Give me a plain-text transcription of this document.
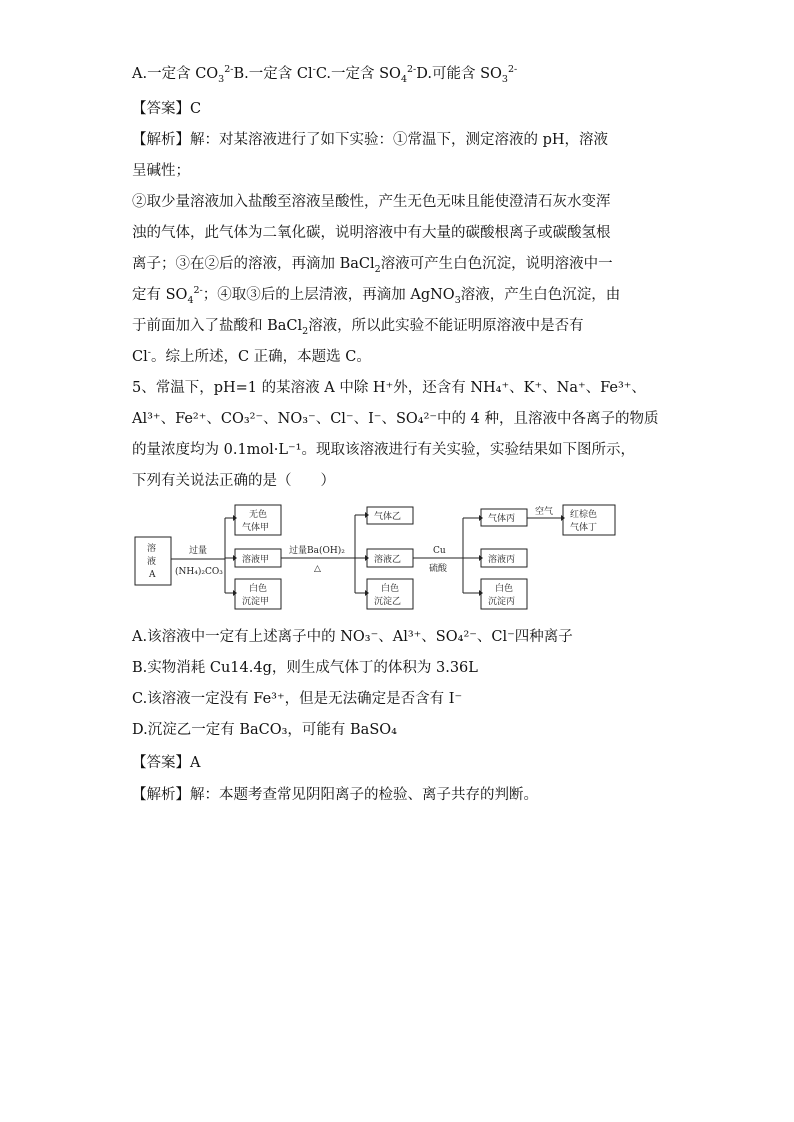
A.一定含 $CO_3^{2-}B$.一定含 Cl-C.一定含 $SO_4^{2-}D$.可能含 $SO_3^{2-}$
【答案】C
【解析】解：对某溶液进行了如下实验：①常温下，测定溶液的 pH，溶液
呈碱性；
②取少量溶液加入盐酸至溶液呈酸性，产生无色无味且能使澄清石灰水变浑
浊的气体，此气体为二氧化碳，说明溶液中有大量的碳酸根离子或碳酸氢根
离子；③在②后的溶液，再滴加 BaCl$_2$溶液可产生白色沉淀，说明溶液中一
定有 $SO_4^{2-}$；④取③后的上层清液，再滴加 AgNO$_3$溶液，产生白色沉淀，由
于前面加入了盐酸和 BaCl$_2$溶液，所以此实验不能证明原溶液中是否有
Cl-。综上所述，C 正确，本题选 C。
5、常温下，pH=1 的某溶液 A 中除 H⁺外，还含有 NH₄⁺、K⁺、Na⁺、Fe³⁺、
Al³⁺、Fe²⁺、CO₃²⁻、NO₃⁻、Cl⁻、I⁻、SO₄²⁻中的 4 种，且溶液中各离子的物质
的量浓度均为 0.1mol·L⁻¹。现取该溶液进行有关实验，实验结果如下图所示，
下列有关说法正确的是（　　）
溶
液
A
过量
(NH₄)₂CO₃
无色
气体甲
溶液甲
白色
沉淀甲
过量Ba(OH)₂
△
气体乙
溶液乙
白色
沉淀乙
Cu
硫酸
气体丙
溶液丙
白色
沉淀丙
空气 红棕色
气体丁
A.该溶液中一定有上述离子中的 NO₃⁻、Al³⁺、SO₄²⁻、Cl⁻四种离子
B.实物消耗 Cu14.4g，则生成气体丁的体积为 3.36L
C.该溶液一定没有 Fe³⁺，但是无法确定是否含有 I⁻
D.沉淀乙一定有 BaCO₃，可能有 BaSO₄
【答案】A
【解析】解：本题考查常见阴阳离子的检验、离子共存的判断。
